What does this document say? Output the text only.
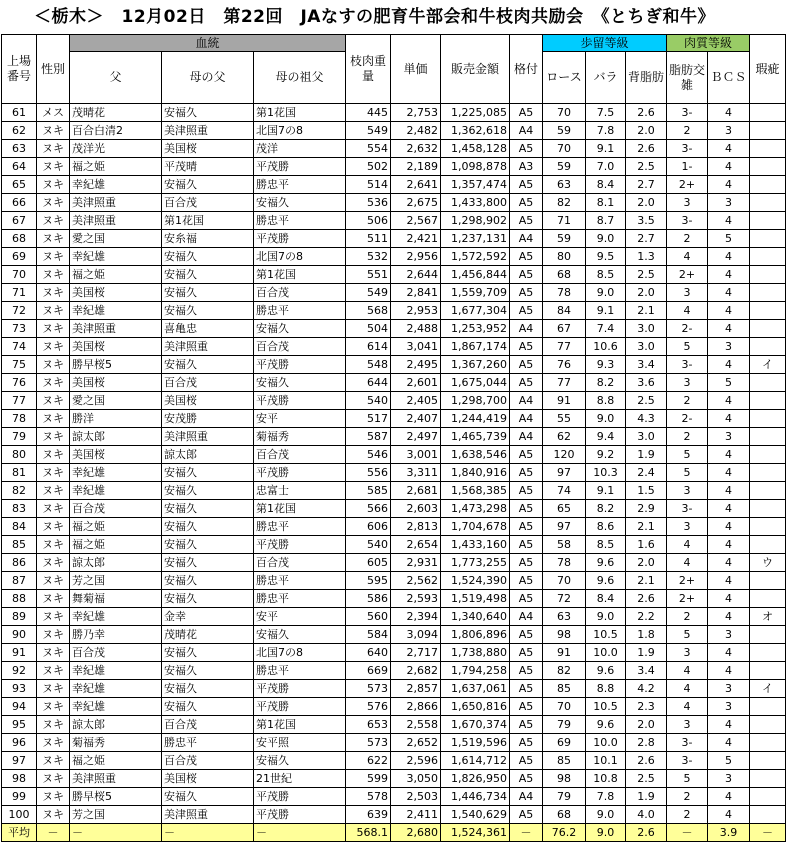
＜栃木＞　12月02日　第22回　JAなすの肥育牛部会和牛枝肉共励会　《とちぎ和牛》
上場番号	性別	血統			枝肉重量	単価	販売金額	格付	歩留等級			肉質等級		瑕疵
		父	母の父	母の祖父					ロース	バラ	背脂肪	脂肪交雑	ＢＣＳ	
61	メス	茂晴花	安福久	第1花国	445	2,753	1,225,085	A5	70	7.5	2.6	3-	4	
62	ヌキ	百合白清2	美津照重	北国7の8	549	2,482	1,362,618	A4	59	7.8	2.0	2	3	
63	ヌキ	茂洋光	美国桜	茂洋	554	2,632	1,458,128	A5	70	9.1	2.6	3-	4	
64	ヌキ	福之姫	平茂晴	平茂勝	502	2,189	1,098,878	A3	59	7.0	2.5	1-	4	
65	ヌキ	幸紀雄	安福久	勝忠平	514	2,641	1,357,474	A5	63	8.4	2.7	2+	4	
66	ヌキ	美津照重	百合茂	安福久	536	2,675	1,433,800	A5	82	8.1	2.0	3	3	
67	ヌキ	美津照重	第1花国	勝忠平	506	2,567	1,298,902	A5	71	8.7	3.5	3-	4	
68	ヌキ	愛之国	安糸福	平茂勝	511	2,421	1,237,131	A4	59	9.0	2.7	2	5	
69	ヌキ	幸紀雄	安福久	北国7の8	532	2,956	1,572,592	A5	80	9.5	1.3	4	4	
70	ヌキ	福之姫	安福久	第1花国	551	2,644	1,456,844	A5	68	8.5	2.5	2+	4	
71	ヌキ	美国桜	安福久	百合茂	549	2,841	1,559,709	A5	78	9.0	2.0	3	4	
72	ヌキ	幸紀雄	安福久	勝忠平	568	2,953	1,677,304	A5	84	9.1	2.1	4	4	
73	ヌキ	美津照重	喜亀忠	安福久	504	2,488	1,253,952	A4	67	7.4	3.0	2-	4	
74	ヌキ	美国桜	美津照重	百合茂	614	3,041	1,867,174	A5	77	10.6	3.0	5	3	
75	ヌキ	勝早桜5	安福久	平茂勝	548	2,495	1,367,260	A5	76	9.3	3.4	3-	4	イ
76	ヌキ	美国桜	百合茂	安福久	644	2,601	1,675,044	A5	77	8.2	3.6	3	5	
77	ヌキ	愛之国	美国桜	平茂勝	540	2,405	1,298,700	A4	91	8.8	2.5	2	4	
78	ヌキ	勝洋	安茂勝	安平	517	2,407	1,244,419	A4	55	9.0	4.3	2-	4	
79	ヌキ	諒太郎	美津照重	菊福秀	587	2,497	1,465,739	A4	62	9.4	3.0	2	3	
80	ヌキ	美国桜	諒太郎	百合茂	546	3,001	1,638,546	A5	120	9.2	1.9	5	4	
81	ヌキ	幸紀雄	安福久	平茂勝	556	3,311	1,840,916	A5	97	10.3	2.4	5	4	
82	ヌキ	幸紀雄	安福久	忠富士	585	2,681	1,568,385	A5	74	9.1	1.5	3	4	
83	ヌキ	百合茂	安福久	第1花国	566	2,603	1,473,298	A5	65	8.2	2.9	3-	4	
84	ヌキ	福之姫	安福久	勝忠平	606	2,813	1,704,678	A5	97	8.6	2.1	3	4	
85	ヌキ	福之姫	安福久	平茂勝	540	2,654	1,433,160	A5	58	8.5	1.6	4	4	
86	ヌキ	諒太郎	安福久	百合茂	605	2,931	1,773,255	A5	78	9.6	2.0	4	4	ウ
87	ヌキ	芳之国	安福久	勝忠平	595	2,562	1,524,390	A5	70	9.6	2.1	2+	4	
88	ヌキ	舞菊福	安福久	勝忠平	586	2,593	1,519,498	A5	72	8.4	2.6	2+	4	
89	ヌキ	幸紀雄	金幸	安平	560	2,394	1,340,640	A4	63	9.0	2.2	2	4	オ
90	ヌキ	勝乃幸	茂晴花	安福久	584	3,094	1,806,896	A5	98	10.5	1.8	5	3	
91	ヌキ	百合茂	安福久	北国7の8	640	2,717	1,738,880	A5	91	10.0	1.9	3	4	
92	ヌキ	幸紀雄	安福久	勝忠平	669	2,682	1,794,258	A5	82	9.6	3.4	4	4	
93	ヌキ	幸紀雄	安福久	平茂勝	573	2,857	1,637,061	A5	85	8.8	4.2	4	3	イ
94	ヌキ	幸紀雄	安福久	平茂勝	576	2,866	1,650,816	A5	70	10.5	2.3	4	3	
95	ヌキ	諒太郎	百合茂	第1花国	653	2,558	1,670,374	A5	79	9.6	2.0	3	4	
96	ヌキ	菊福秀	勝忠平	安平照	573	2,652	1,519,596	A5	69	10.0	2.8	3-	4	
97	ヌキ	福之姫	百合茂	安福久	622	2,596	1,614,712	A5	85	10.1	2.6	3-	5	
98	ヌキ	美津照重	美国桜	21世紀	599	3,050	1,826,950	A5	98	10.8	2.5	5	3	
99	ヌキ	勝早桜5	安福久	平茂勝	578	2,503	1,446,734	A4	79	7.8	1.9	2	4	
100	ヌキ	芳之国	美津照重	平茂勝	639	2,411	1,540,629	A5	68	9.0	4.0	2	4	
平均	－	－	－	－	568.1	2,680	1,524,361	－	76.2	9.0	2.6	－	3.9	－
